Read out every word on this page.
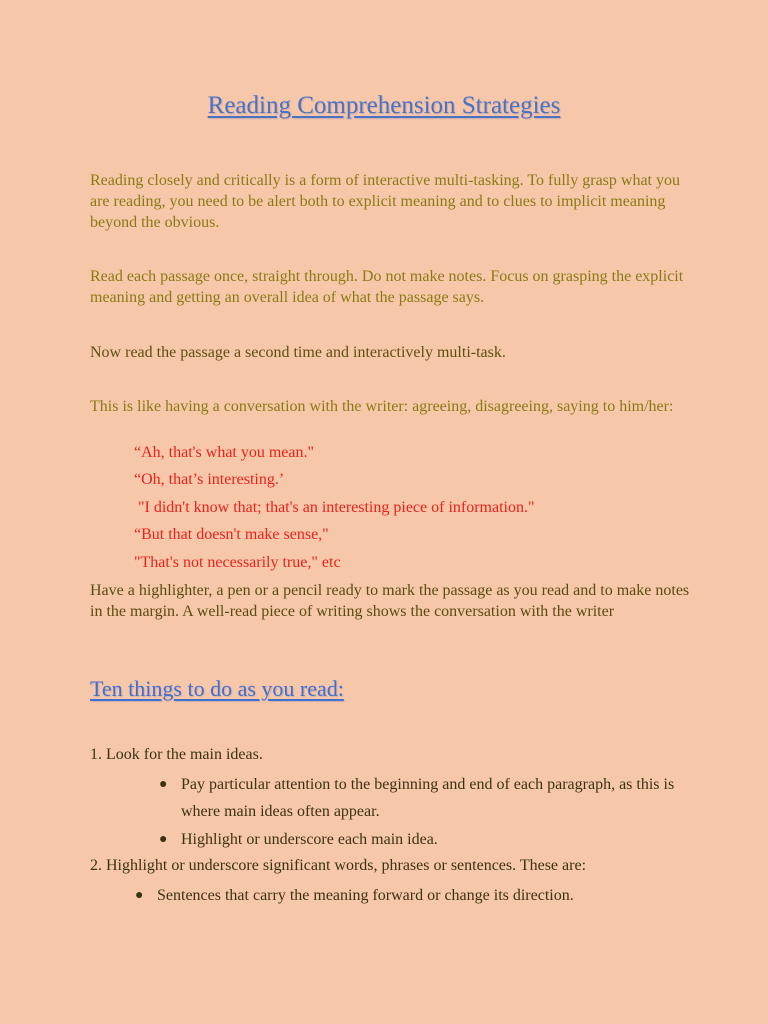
Reading Comprehension Strategies
Reading closely and critically is a form of interactive multi-tasking. To fully grasp what you are reading, you need to be alert both to explicit meaning and to clues to implicit meaning beyond the obvious.
Read each passage once, straight through. Do not make notes. Focus on grasping the explicit meaning and getting an overall idea of what the passage says.
Now read the passage a second time and interactively multi-task.
This is like having a conversation with the writer: agreeing, disagreeing, saying to him/her:
“Ah, that's what you mean."
“Oh, that’s interesting.’
"I didn't know that; that's an interesting piece of information."
“But that doesn't make sense,"
"That's not necessarily true," etc
Have a highlighter, a pen or a pencil ready to mark the passage as you read and to make notes in the margin. A well-read piece of writing shows the conversation with the writer
Ten things to do as you read:
1. Look for the main ideas.
● Pay particular attention to the beginning and end of each paragraph, as this is where main ideas often appear.
● Highlight or underscore each main idea.
2. Highlight or underscore significant words, phrases or sentences. These are:
● Sentences that carry the meaning forward or change its direction.
